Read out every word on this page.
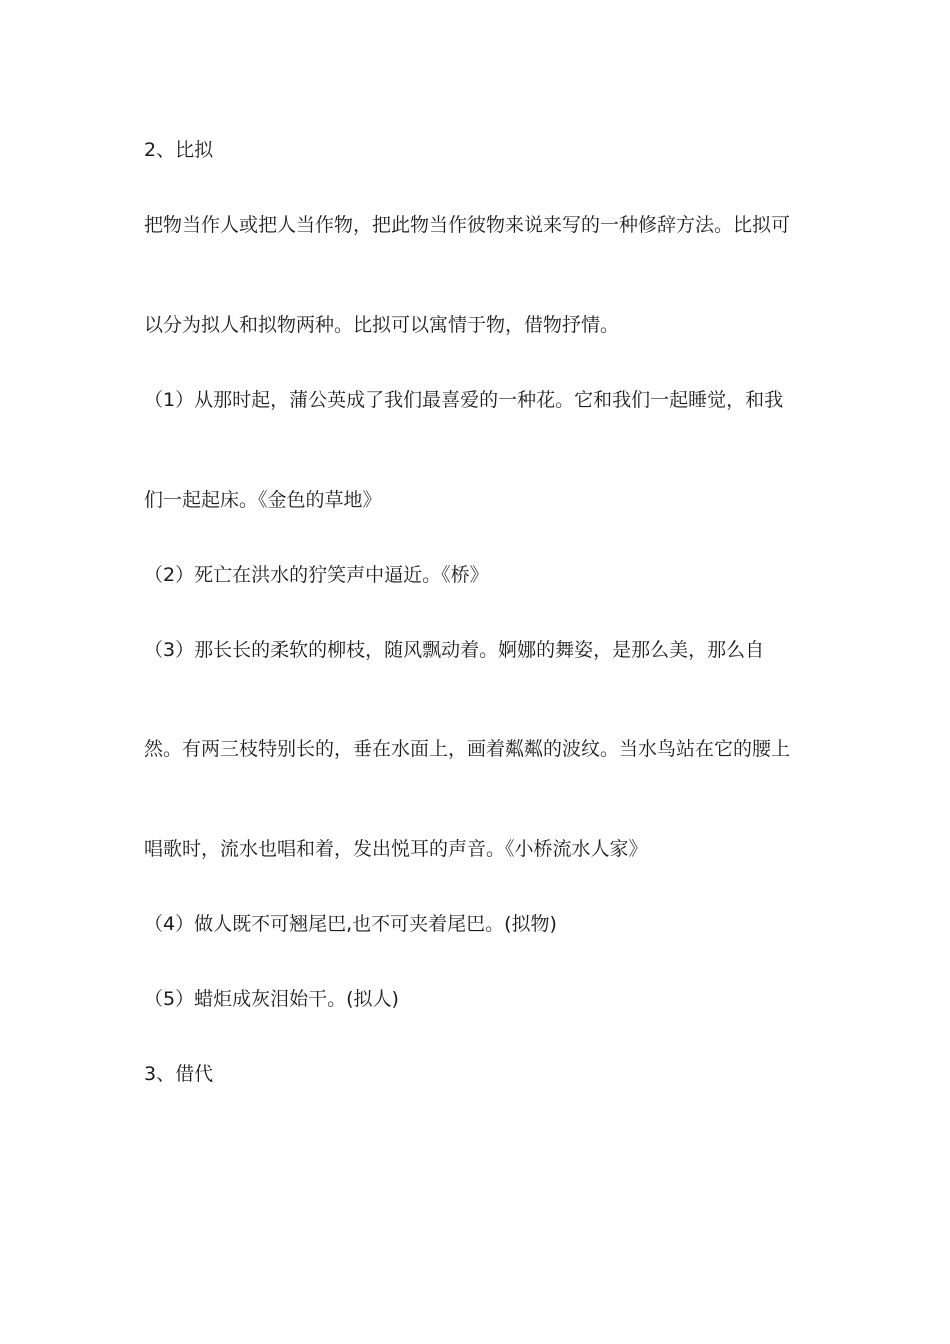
2、比拟

把物当作人或把人当作物，把此物当作彼物来说来写的一种修辞方法。比拟可

以分为拟人和拟物两种。比拟可以寓情于物，借物抒情。

（1）从那时起，蒲公英成了我们最喜爱的一种花。它和我们一起睡觉，和我

们一起起床。《金色的草地》

（2）死亡在洪水的狞笑声中逼近。《桥》

（3）那长长的柔软的柳枝，随风飘动着。婀娜的舞姿，是那么美，那么自

然。有两三枝特别长的，垂在水面上，画着粼粼的波纹。当水鸟站在它的腰上

唱歌时，流水也唱和着，发出悦耳的声音。《小桥流水人家》

（4）做人既不可翘尾巴,也不可夹着尾巴。(拟物)

（5）蜡炬成灰泪始干。(拟人)

3、借代
